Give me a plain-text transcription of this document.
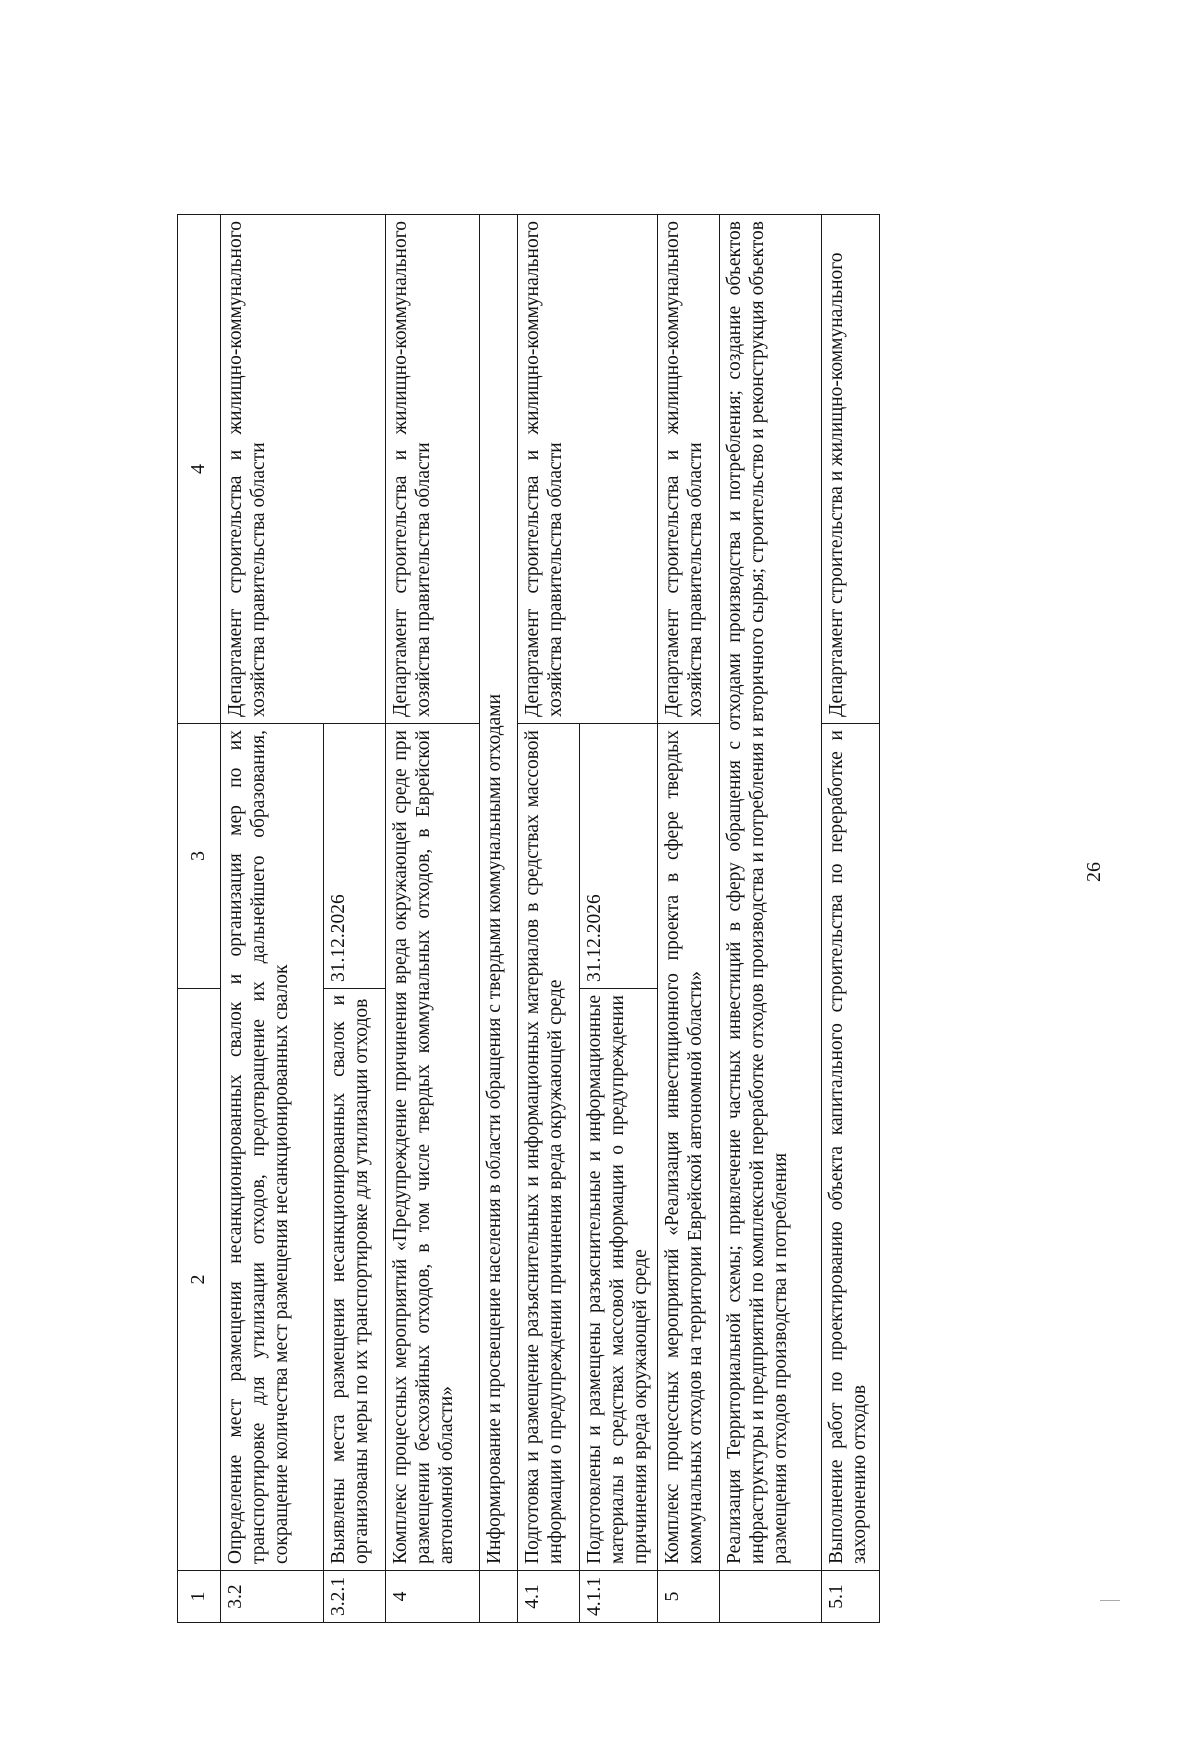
26
1	2	3	4
3.2	Определение мест размещения несанкционированных свалок и организация мер по их транспортировке для утилизации отходов, предотвращение их дальнейшего образования, сокращение количества мест размещения несанкционированных свалок		Департамент строительства и жилищно-коммунального хозяйства правительства области
3.2.1	Выявлены места размещения несанкционированных свалок и организованы меры по их транспортировке для утилизации отходов	31.12.2026	
4	Комплекс процессных мероприятий «Предупреждение причинения вреда окружающей среде при размещении бесхозяйных отходов, в том числе твердых коммунальных отходов, в Еврейской автономной области»		Департамент строительства и жилищно-коммунального хозяйства правительства области
	Информирование и просвещение населения в области обращения с твердыми коммунальными отходами		
4.1	Подготовка и размещение разъяснительных и информационных материалов в средствах массовой информации о предупреждении причинения вреда окружающей среде		Департамент строительства и жилищно-коммунального хозяйства правительства области
4.1.1	Подготовлены и размещены разъяснительные и информационные материалы в средствах массовой информации о предупреждении причинения вреда окружающей среде	31.12.2026	
5	Комплекс процессных мероприятий «Реализация инвестиционного проекта в сфере твердых коммунальных отходов на территории Еврейской автономной области»		Департамент строительства и жилищно-коммунального хозяйства правительства области
	Реализация Территориальной схемы; привлечение частных инвестиций в сферу обращения с отходами производства и потребления; создание объектов инфраструктуры и предприятий по комплексной переработке отходов производства и потребления и вторичного сырья; строительство и реконструкция объектов размещения отходов производства и потребления		
5.1	Выполнение работ по проектированию объекта капитального строительства по переработке и захоронению отходов		Департамент строительства и жилищно-коммунального
